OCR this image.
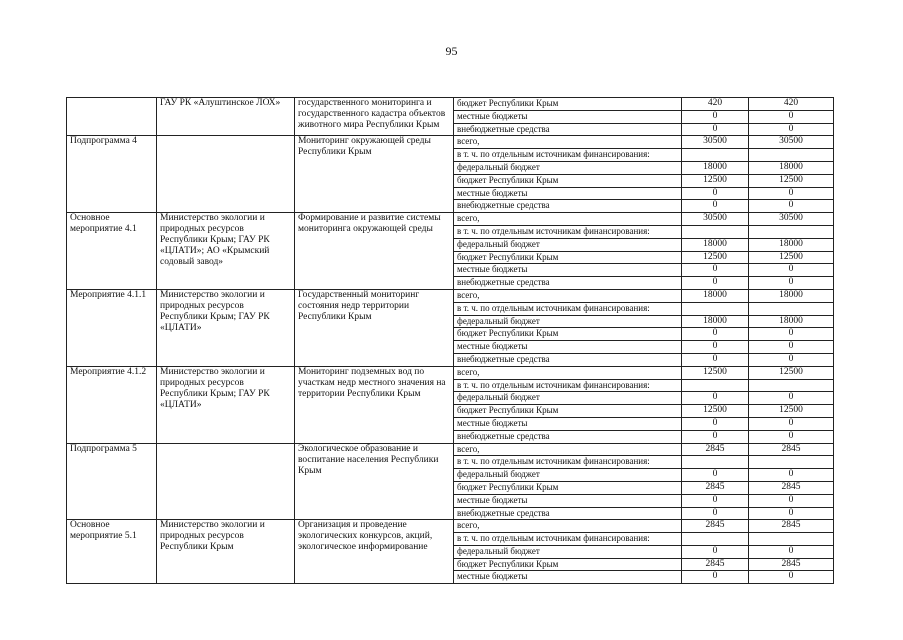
95
	ГАУ РК «Алуштинское ЛОХ»	государственного мониторинга и государственного кадастра объектов животного мира Республики Крым	бюджет Республики Крым	420	420
			местные бюджеты	0	0
			внебюджетные средства	0	0
Подпрограмма 4		Мониторинг окружающей среды Республики Крым	всего,	30500	30500
			в т. ч. по отдельным источникам финансирования:		
			федеральный бюджет	18000	18000
			бюджет Республики Крым	12500	12500
			местные бюджеты	0	0
			внебюджетные средства	0	0
Основное мероприятие 4.1	Министерство экологии и природных ресурсов Республики Крым; ГАУ РК «ЦЛАТИ»; АО «Крымский содовый завод»	Формирование и развитие системы мониторинга окружающей среды	всего,	30500	30500
			в т. ч. по отдельным источникам финансирования:		
			федеральный бюджет	18000	18000
			бюджет Республики Крым	12500	12500
			местные бюджеты	0	0
			внебюджетные средства	0	0
Мероприятие 4.1.1	Министерство экологии и природных ресурсов Республики Крым; ГАУ РК «ЦЛАТИ»	Государственный мониторинг состояния недр территории Республики Крым	всего,	18000	18000
			в т. ч. по отдельным источникам финансирования:		
			федеральный бюджет	18000	18000
			бюджет Республики Крым	0	0
			местные бюджеты	0	0
			внебюджетные средства	0	0
Мероприятие 4.1.2	Министерство экологии и природных ресурсов Республики Крым; ГАУ РК «ЦЛАТИ»	Мониторинг подземных вод по участкам недр местного значения на территории Республики Крым	всего,	12500	12500
			в т. ч. по отдельным источникам финансирования:		
			федеральный бюджет	0	0
			бюджет Республики Крым	12500	12500
			местные бюджеты	0	0
			внебюджетные средства	0	0
Подпрограмма 5		Экологическое образование и воспитание населения Республики Крым	всего,	2845	2845
			в т. ч. по отдельным источникам финансирования:		
			федеральный бюджет	0	0
			бюджет Республики Крым	2845	2845
			местные бюджеты	0	0
			внебюджетные средства	0	0
Основное мероприятие 5.1	Министерство экологии и природных ресурсов Республики Крым	Организация и проведение экологических конкурсов, акций, экологическое информирование	всего,	2845	2845
			в т. ч. по отдельным источникам финансирования:		
			федеральный бюджет	0	0
			бюджет Республики Крым	2845	2845
			местные бюджеты	0	0
